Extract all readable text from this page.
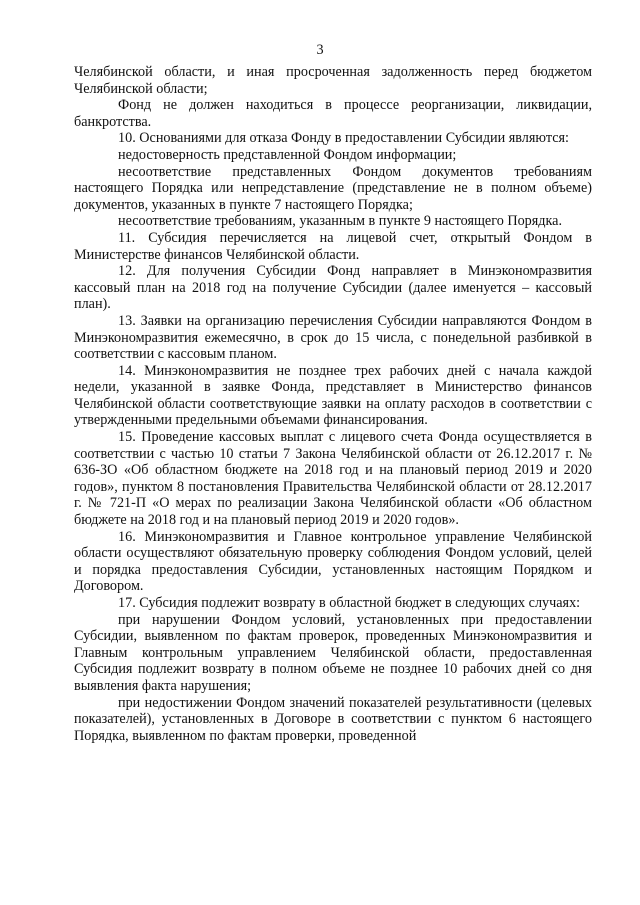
3

Челябинской области, и иная просроченная задолженность перед бюджетом Челябинской области;

Фонд не должен находиться в процессе реорганизации, ликвидации, банкротства.

10. Основаниями для отказа Фонду в предоставлении Субсидии являются:

недостоверность представленной Фондом информации;

несоответствие представленных Фондом документов требованиям настоящего Порядка или непредставление (представление не в полном объеме) документов, указанных в пункте 7 настоящего Порядка;

несоответствие требованиям, указанным в пункте 9 настоящего Порядка.

11. Субсидия перечисляется на лицевой счет, открытый Фондом в Министерстве финансов Челябинской области.

12. Для получения Субсидии Фонд направляет в Минэкономразвития кассовый план на 2018 год на получение Субсидии (далее именуется – кассовый план).

13. Заявки на организацию перечисления Субсидии направляются Фондом в Минэкономразвития ежемесячно, в срок до 15 числа, с понедельной разбивкой в соответствии с кассовым планом.

14. Минэкономразвития не позднее трех рабочих дней с начала каждой недели, указанной в заявке Фонда, представляет в Министерство финансов Челябинской области соответствующие заявки на оплату расходов в соответствии с утвержденными предельными объемами финансирования.

15. Проведение кассовых выплат с лицевого счета Фонда осуществляется в соответствии с частью 10 статьи 7 Закона Челябинской области от 26.12.2017 г. № 636-ЗО «Об областном бюджете на 2018 год и на плановый период 2019 и 2020 годов», пунктом 8 постановления Правительства Челябинской области от 28.12.2017 г. № 721-П «О мерах по реализации Закона Челябинской области «Об областном бюджете на 2018 год и на плановый период 2019 и 2020 годов».

16. Минэкономразвития и Главное контрольное управление Челябинской области осуществляют обязательную проверку соблюдения Фондом условий, целей и порядка предоставления Субсидии, установленных настоящим Порядком и Договором.

17. Субсидия подлежит возврату в областной бюджет в следующих случаях:

при нарушении Фондом условий, установленных при предоставлении Субсидии, выявленном по фактам проверок, проведенных Минэкономразвития и Главным контрольным управлением Челябинской области, предоставленная Субсидия подлежит возврату в полном объеме не позднее 10 рабочих дней со дня выявления факта нарушения;

при недостижении Фондом значений показателей результативности (целевых показателей), установленных в Договоре в соответствии с пунктом 6 настоящего Порядка, выявленном по фактам проверки, проведенной
